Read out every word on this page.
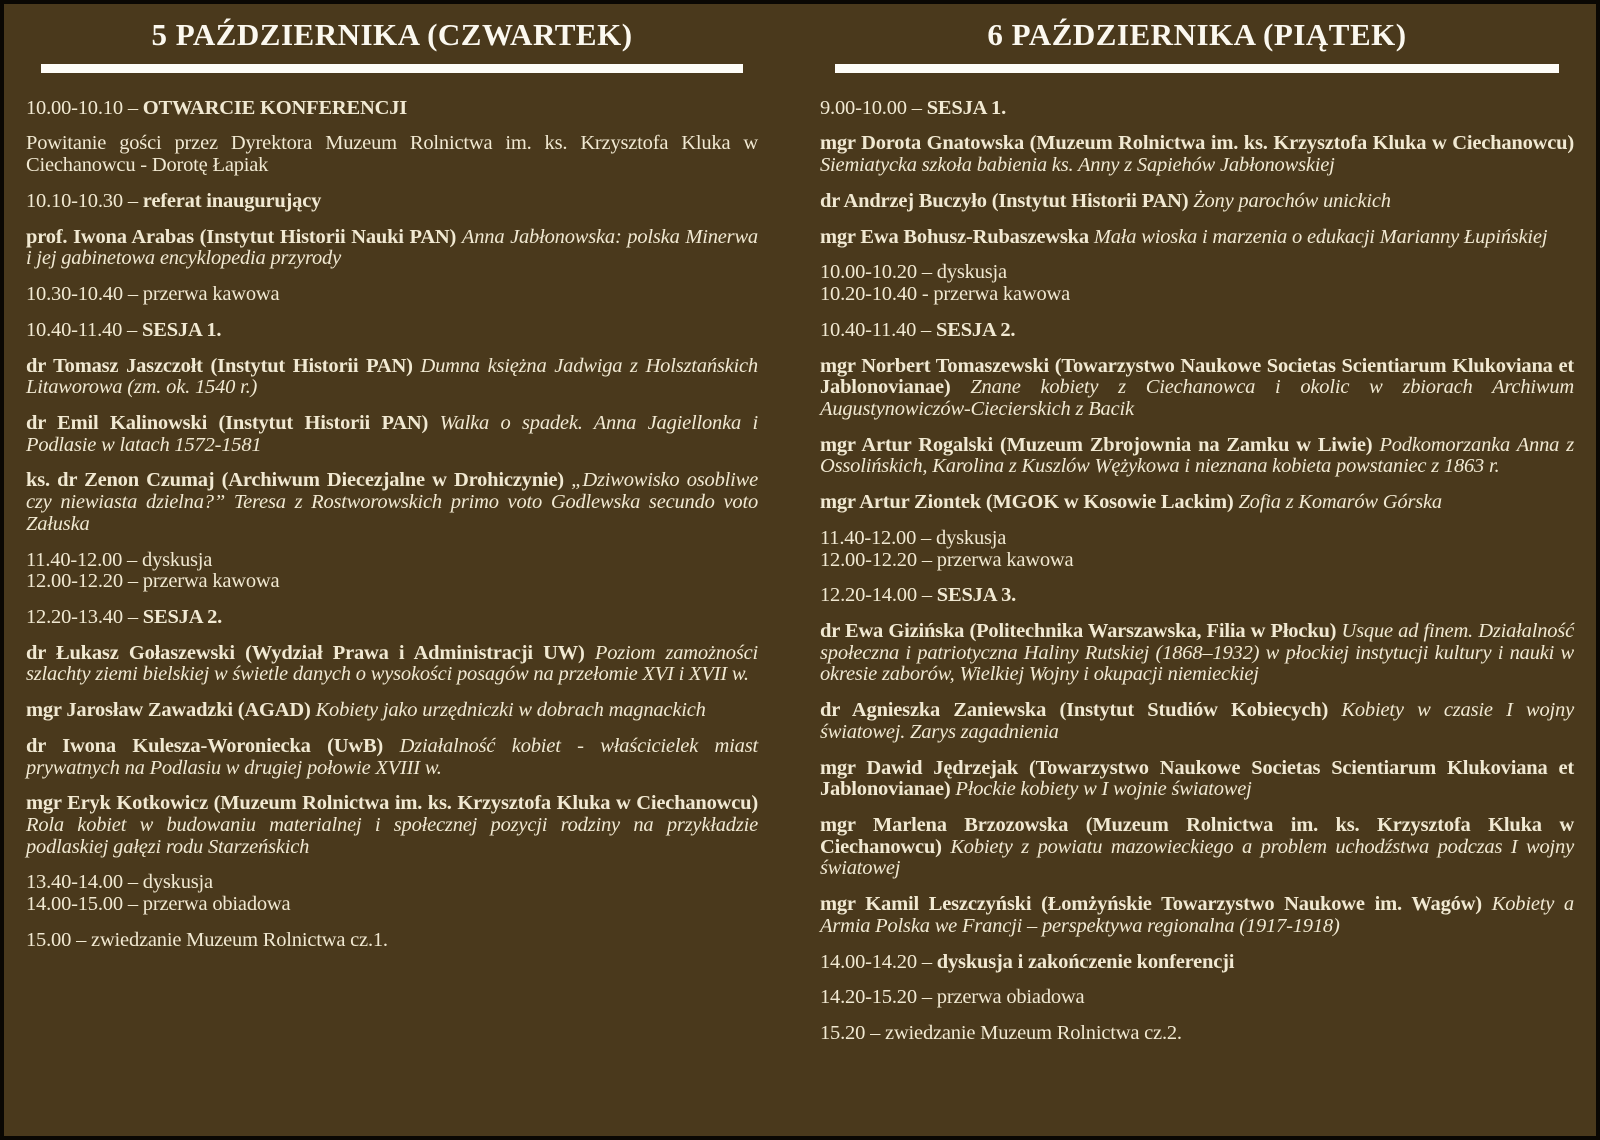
5 PAŹDZIERNIKA (CZWARTEK)

10.00-10.10 – OTWARCIE KONFERENCJI

Powitanie gości przez Dyrektora Muzeum Rolnictwa im. ks. Krzysztofa Kluka w Ciechanowcu - Dorotę Łapiak

10.10-10.30 – referat inaugurujący

prof. Iwona Arabas (Instytut Historii Nauki PAN) Anna Jabłonowska: polska Minerwa i jej gabinetowa encyklopedia przyrody

10.30-10.40 – przerwa kawowa

10.40-11.40 – SESJA 1.

dr Tomasz Jaszczołt (Instytut Historii PAN) Dumna księżna Jadwiga z Holsztańskich Litaworowa (zm. ok. 1540 r.)

dr Emil Kalinowski (Instytut Historii PAN) Walka o spadek. Anna Jagiellonka i Podlasie w latach 1572-1581

ks. dr Zenon Czumaj (Archiwum Diecezjalne w Drohiczynie) „Dziwowisko osobliwe czy niewiasta dzielna?” Teresa z Rostworowskich primo voto Godlewska secundo voto Załuska

11.40-12.00 – dyskusja
12.00-12.20 – przerwa kawowa

12.20-13.40 – SESJA 2.

dr Łukasz Gołaszewski (Wydział Prawa i Administracji UW) Poziom zamożności szlachty ziemi bielskiej w świetle danych o wysokości posagów na przełomie XVI i XVII w.

mgr Jarosław Zawadzki (AGAD) Kobiety jako urzędniczki w dobrach magnackich

dr Iwona Kulesza-Woroniecka (UwB) Działalność kobiet - właścicielek miast prywatnych na Podlasiu w drugiej połowie XVIII w.

mgr Eryk Kotkowicz (Muzeum Rolnictwa im. ks. Krzysztofa Kluka w Ciechanowcu) Rola kobiet w budowaniu materialnej i społecznej pozycji rodziny na przykładzie podlaskiej gałęzi rodu Starzeńskich

13.40-14.00 – dyskusja
14.00-15.00 – przerwa obiadowa

15.00 – zwiedzanie Muzeum Rolnictwa cz.1.

6 PAŹDZIERNIKA (PIĄTEK)

9.00-10.00 – SESJA 1.

mgr Dorota Gnatowska (Muzeum Rolnictwa im. ks. Krzysztofa Kluka w Ciechanowcu) Siemiatycka szkoła babienia ks. Anny z Sapiehów Jabłonowskiej

dr Andrzej Buczyło (Instytut Historii PAN) Żony parochów unickich

mgr Ewa Bohusz-Rubaszewska Mała wioska i marzenia o edukacji Marianny Łupińskiej

10.00-10.20 – dyskusja
10.20-10.40 - przerwa kawowa

10.40-11.40 – SESJA 2.

mgr Norbert Tomaszewski (Towarzystwo Naukowe Societas Scientiarum Klukoviana et Jablonovianae) Znane kobiety z Ciechanowca i okolic w zbiorach Archiwum Augustynowiczów-Ciecierskich z Bacik

mgr Artur Rogalski (Muzeum Zbrojownia na Zamku w Liwie) Podkomorzanka Anna z Ossolińskich, Karolina z Kuszlów Wężykowa i nieznana kobieta powstaniec z 1863 r.

mgr Artur Ziontek (MGOK w Kosowie Lackim) Zofia z Komarów Górska

11.40-12.00 – dyskusja
12.00-12.20 – przerwa kawowa

12.20-14.00 – SESJA 3.

dr Ewa Gizińska (Politechnika Warszawska, Filia w Płocku) Usque ad finem. Działalność społeczna i patriotyczna Haliny Rutskiej (1868–1932) w płockiej instytucji kultury i nauki w okresie zaborów, Wielkiej Wojny i okupacji niemieckiej

dr Agnieszka Zaniewska (Instytut Studiów Kobiecych) Kobiety w czasie I wojny światowej. Zarys zagadnienia

mgr Dawid Jędrzejak (Towarzystwo Naukowe Societas Scientiarum Klukoviana et Jablonovianae) Płockie kobiety w I wojnie światowej

mgr Marlena Brzozowska (Muzeum Rolnictwa im. ks. Krzysztofa Kluka w Ciechanowcu) Kobiety z powiatu mazowieckiego a problem uchodźstwa podczas I wojny światowej

mgr Kamil Leszczyński (Łomżyńskie Towarzystwo Naukowe im. Wagów) Kobiety a Armia Polska we Francji – perspektywa regionalna (1917-1918)

14.00-14.20 – dyskusja i zakończenie konferencji

14.20-15.20 – przerwa obiadowa

15.20 – zwiedzanie Muzeum Rolnictwa cz.2.
